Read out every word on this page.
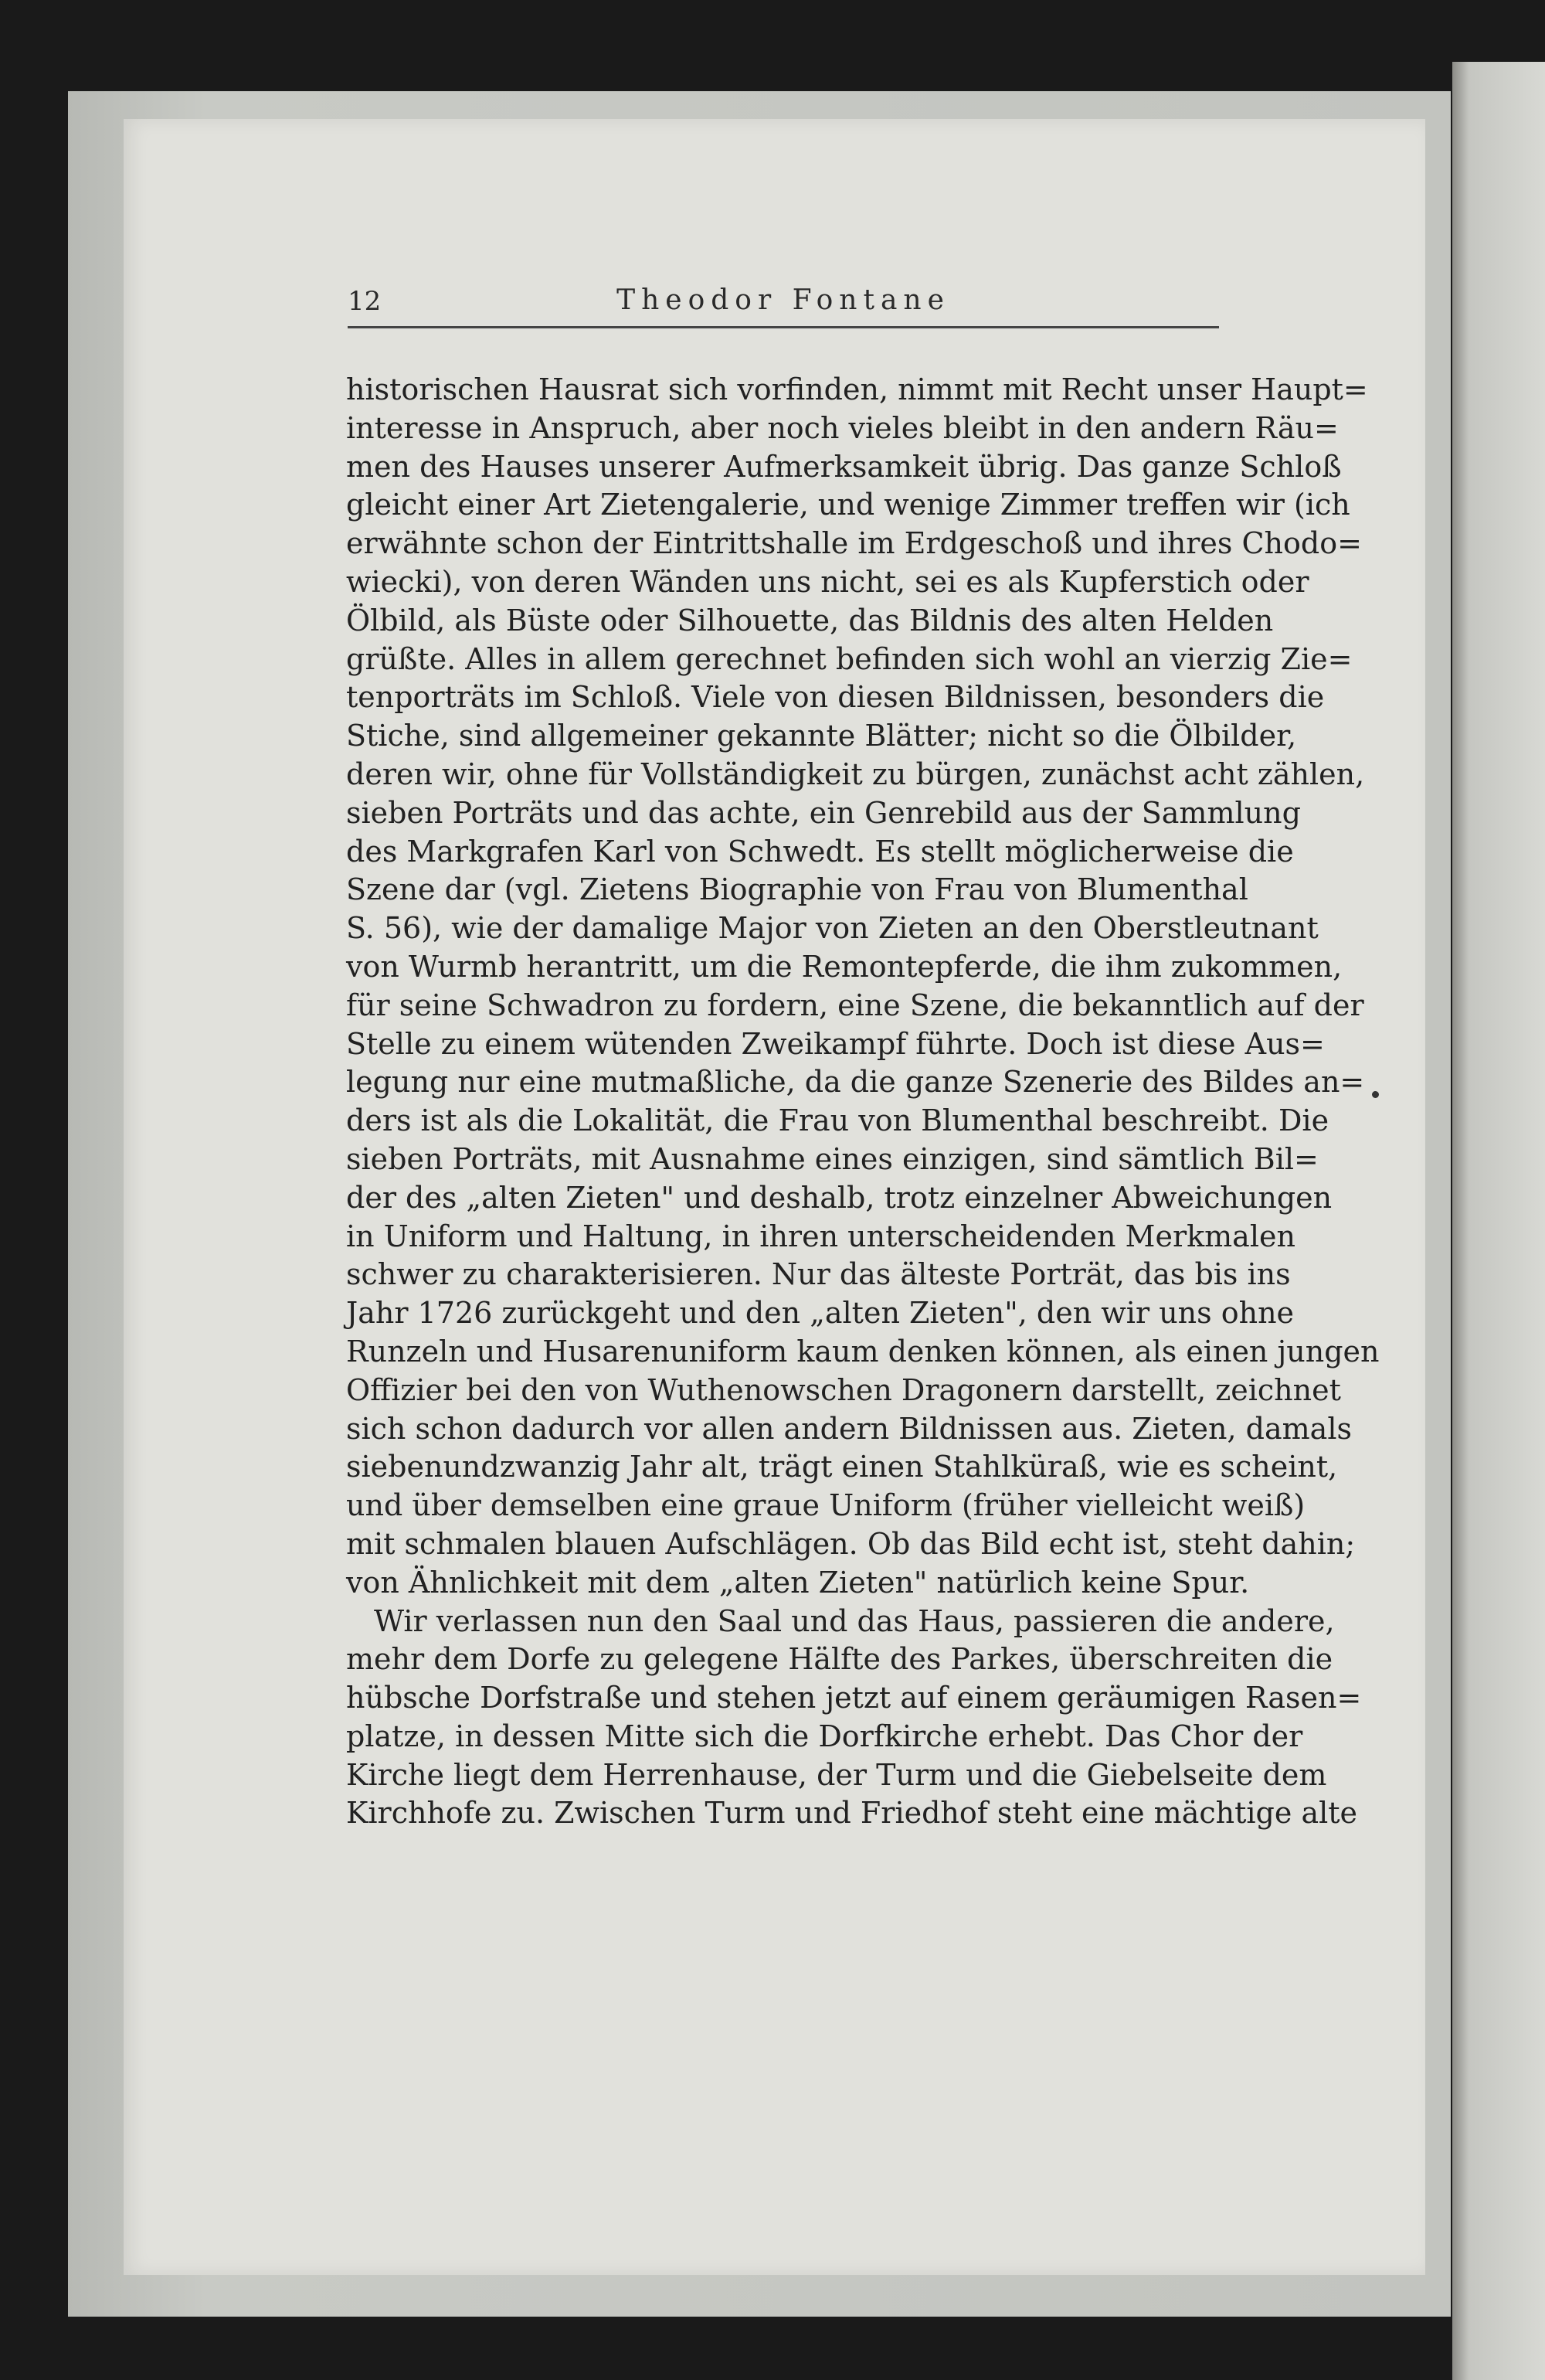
12	Theodor Fontane
historischen Hausrat sich vorfinden, nimmt mit Recht unser Haupt=
interesse in Anspruch, aber noch vieles bleibt in den andern Räu=
men des Hauses unserer Aufmerksamkeit übrig. Das ganze Schloß
gleicht einer Art Zietengalerie, und wenige Zimmer treffen wir (ich
erwähnte schon der Eintrittshalle im Erdgeschoß und ihres Chodo=
wiecki), von deren Wänden uns nicht, sei es als Kupferstich oder
Ölbild, als Büste oder Silhouette, das Bildnis des alten Helden
grüßte. Alles in allem gerechnet befinden sich wohl an vierzig Zie=
tenporträts im Schloß. Viele von diesen Bildnissen, besonders die
Stiche, sind allgemeiner gekannte Blätter; nicht so die Ölbilder,
deren wir, ohne für Vollständigkeit zu bürgen, zunächst acht zählen,
sieben Porträts und das achte, ein Genrebild aus der Sammlung
des Markgrafen Karl von Schwedt. Es stellt möglicherweise die
Szene dar (vgl. Zietens Biographie von Frau von Blumenthal
S. 56), wie der damalige Major von Zieten an den Oberstleutnant
von Wurmb herantritt, um die Remontepferde, die ihm zukommen,
für seine Schwadron zu fordern, eine Szene, die bekanntlich auf der
Stelle zu einem wütenden Zweikampf führte. Doch ist diese Aus=
legung nur eine mutmaßliche, da die ganze Szenerie des Bildes an=
ders ist als die Lokalität, die Frau von Blumenthal beschreibt. Die
sieben Porträts, mit Ausnahme eines einzigen, sind sämtlich Bil=
der des „alten Zieten" und deshalb, trotz einzelner Abweichungen
in Uniform und Haltung, in ihren unterscheidenden Merkmalen
schwer zu charakterisieren. Nur das älteste Porträt, das bis ins
Jahr 1726 zurückgeht und den „alten Zieten", den wir uns ohne
Runzeln und Husarenuniform kaum denken können, als einen jungen
Offizier bei den von Wuthenowschen Dragonern darstellt, zeichnet
sich schon dadurch vor allen andern Bildnissen aus. Zieten, damals
siebenundzwanzig Jahr alt, trägt einen Stahlküraß, wie es scheint,
und über demselben eine graue Uniform (früher vielleicht weiß)
mit schmalen blauen Aufschlägen. Ob das Bild echt ist, steht dahin;
von Ähnlichkeit mit dem „alten Zieten" natürlich keine Spur.
Wir verlassen nun den Saal und das Haus, passieren die andere,
mehr dem Dorfe zu gelegene Hälfte des Parkes, überschreiten die
hübsche Dorfstraße und stehen jetzt auf einem geräumigen Rasen=
platze, in dessen Mitte sich die Dorfkirche erhebt. Das Chor der
Kirche liegt dem Herrenhause, der Turm und die Giebelseite dem
Kirchhofe zu. Zwischen Turm und Friedhof steht eine mächtige alte
